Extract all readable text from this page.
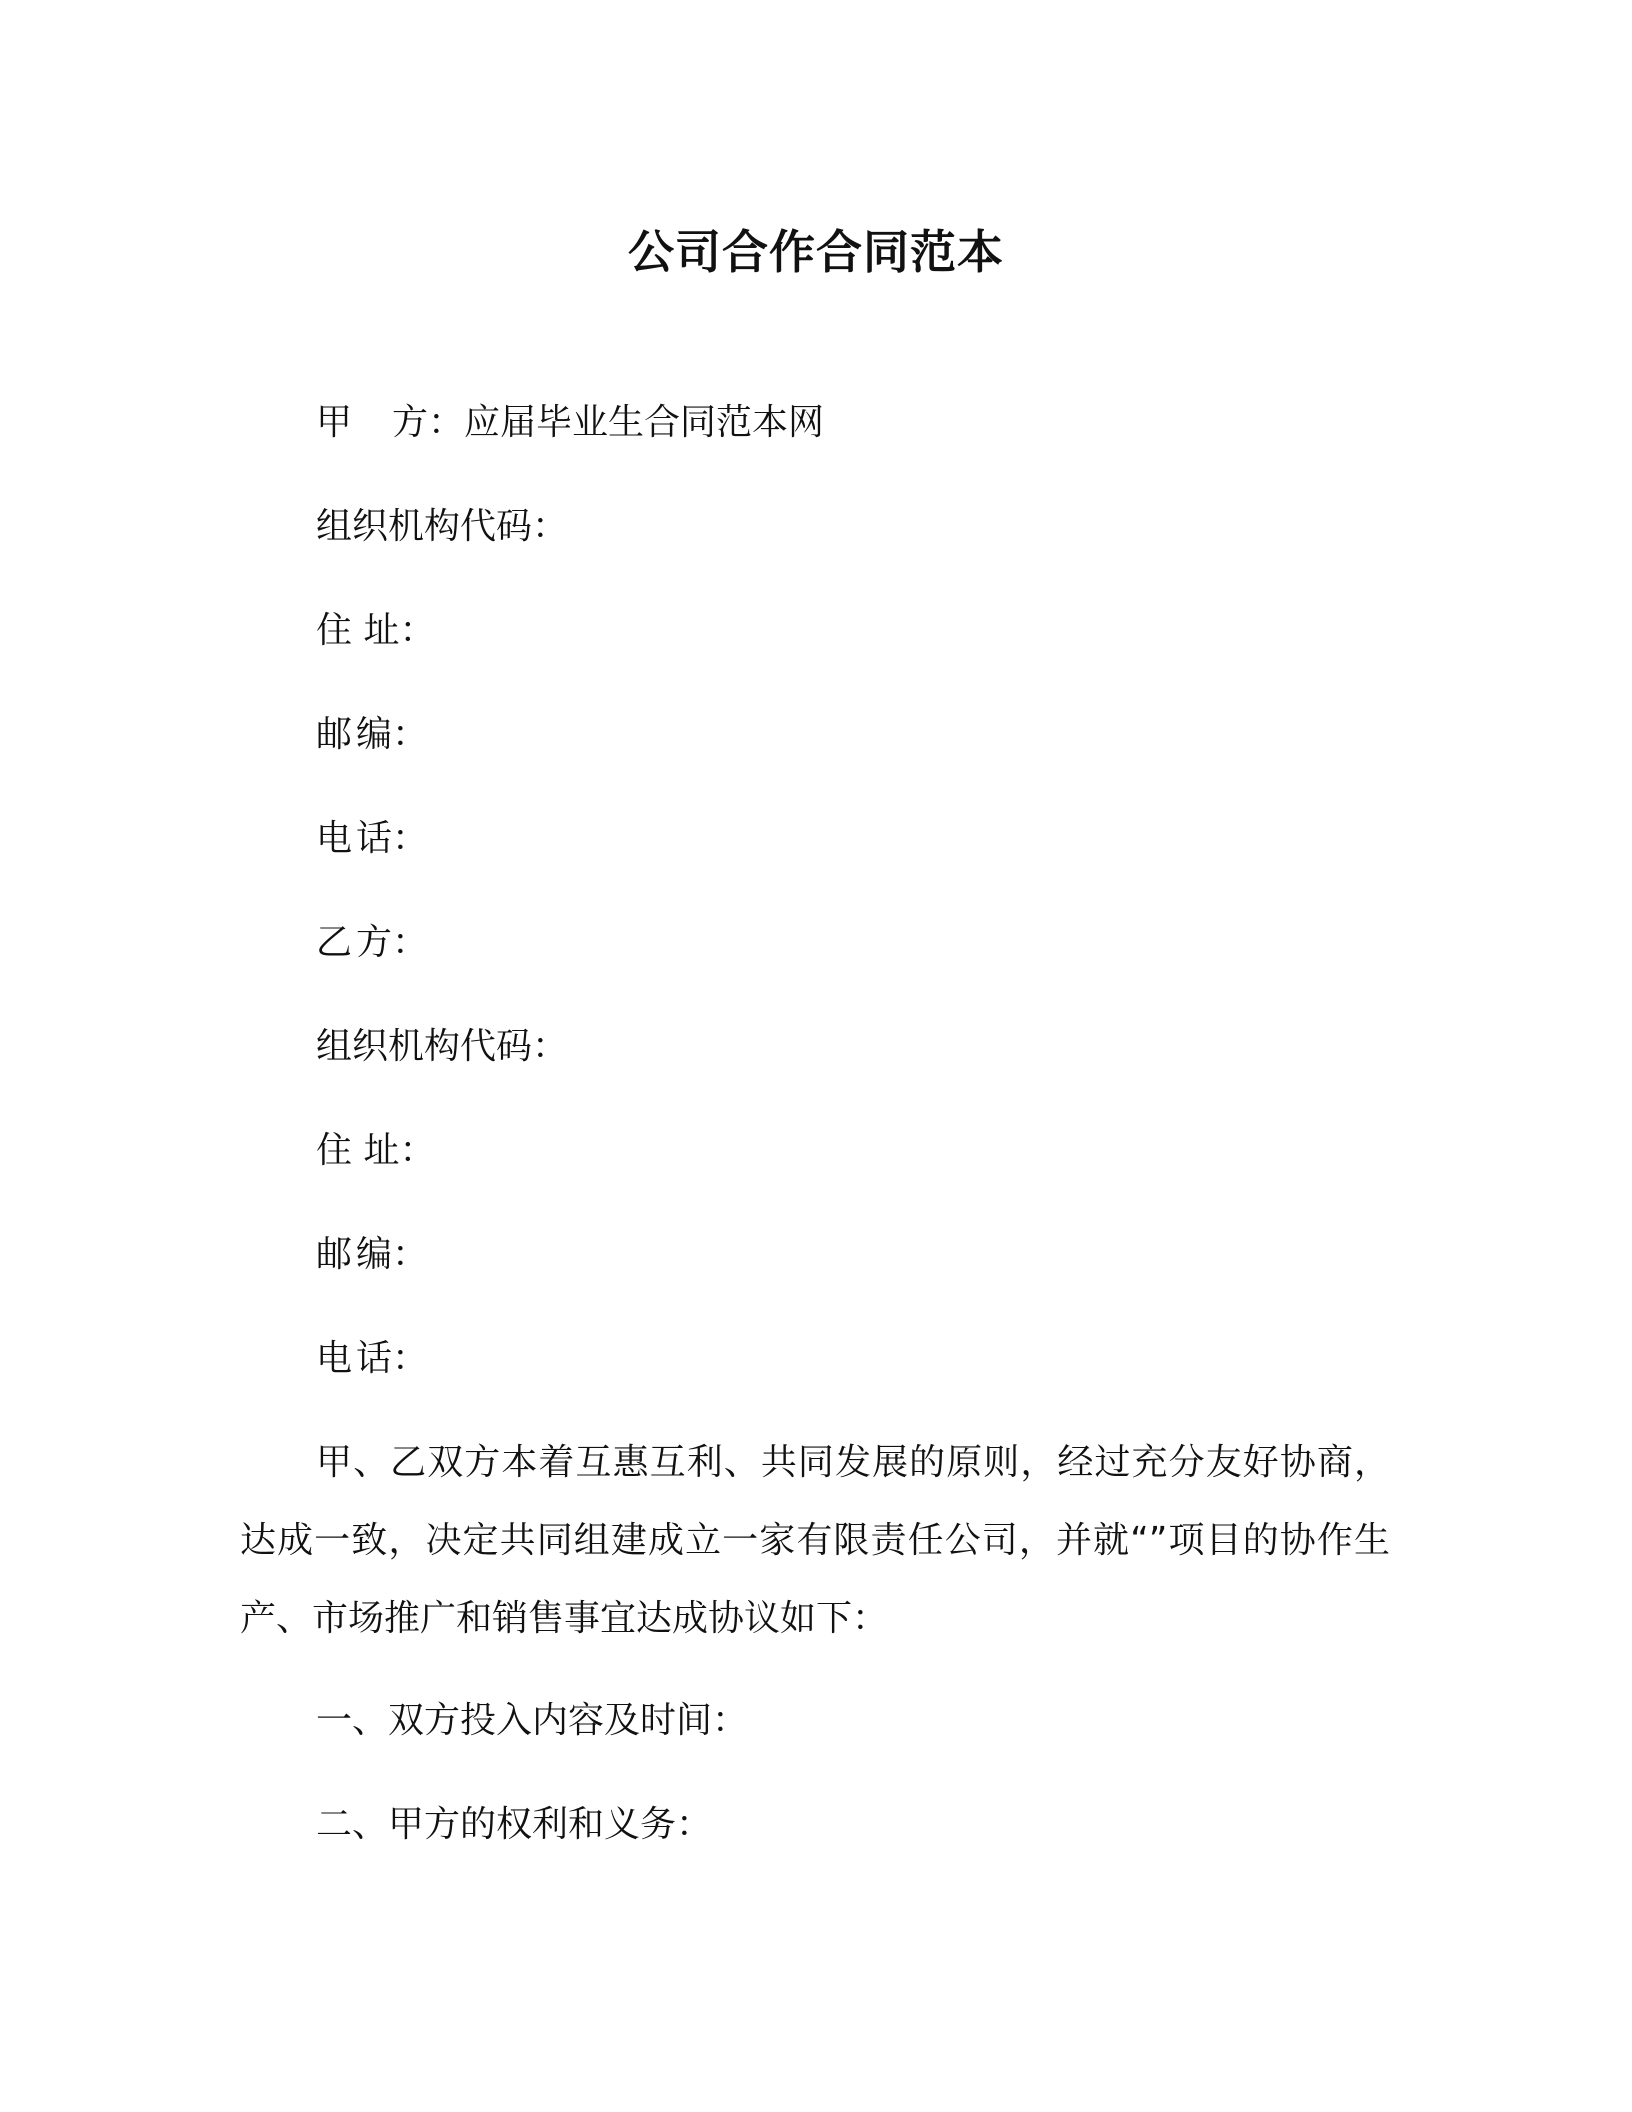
公司合作合同范本
甲 方 ：应届毕业生合同范本网
组织机构代码：
住 址：
邮 编：
电 话：
乙 方：
组织机构代码：
住 址：
邮 编：
电 话：
甲、乙双方本着互惠互利、共同发展的原则，经过充分友好协商，达成一致，决定共同组建成立一家有限责任公司，并就“”项目的协作生产、市场推广和销售事宜达成协议如下：
一、双方投入内容及时间：
二、甲方的权利和义务：
